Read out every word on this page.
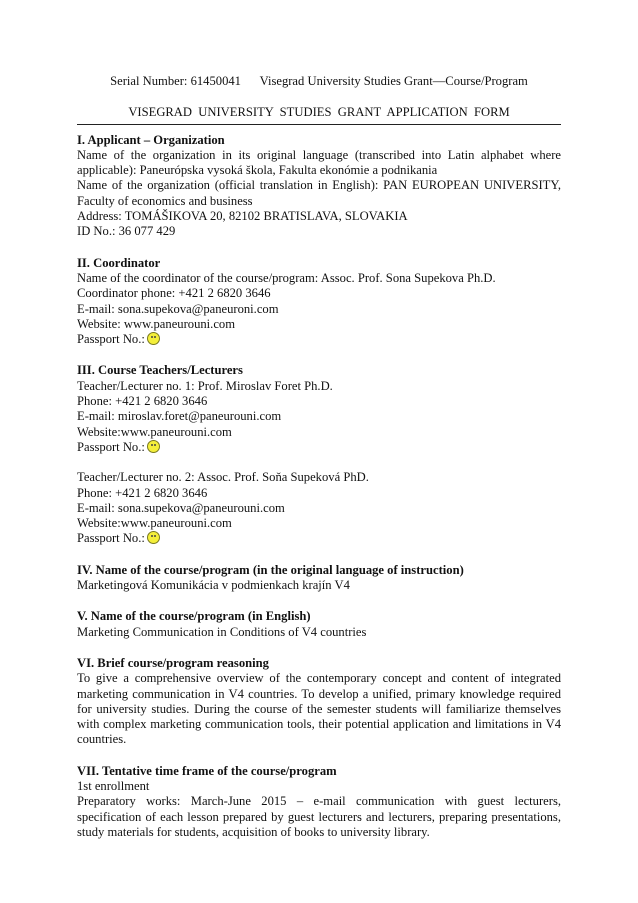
Serial Number: 61450041      Visegrad University Studies Grant—Course/Program
VISEGRAD  UNIVERSITY  STUDIES  GRANT  APPLICATION  FORM
I. Applicant – Organization
Name of the organization in its original language (transcribed into Latin alphabet where applicable): Paneurópska vysoká škola, Fakulta ekonómie a podnikania
Name of the organization (official translation in English): PAN EUROPEAN UNIVERSITY, Faculty of economics and business
Address: TOMÁŠIKOVA 20, 82102 BRATISLAVA, SLOVAKIA
ID No.: 36 077 429
II. Coordinator
Name of the coordinator of the course/program: Assoc. Prof. Sona Supekova Ph.D.
Coordinator phone: +421 2 6820 3646
E-mail: sona.supekova@paneuroni.com
Website: www.paneurouni.com
Passport No.:
III. Course Teachers/Lecturers
Teacher/Lecturer no. 1: Prof. Miroslav Foret Ph.D.
Phone: +421 2 6820 3646
E-mail: miroslav.foret@paneurouni.com
Website:www.paneurouni.com
Passport No.:
Teacher/Lecturer no. 2: Assoc. Prof. Soňa Supeková PhD.
Phone: +421 2 6820 3646
E-mail: sona.supekova@paneurouni.com
Website:www.paneurouni.com
Passport No.:
IV. Name of the course/program (in the original language of instruction)
Marketingová Komunikácia v podmienkach krajín V4
V. Name of the course/program (in English)
Marketing Communication in Conditions of V4 countries
VI. Brief course/program reasoning
To give a comprehensive overview of the contemporary concept and content of integrated marketing communication in V4 countries. To develop a unified, primary knowledge required for university studies. During the course of the semester students will familiarize themselves with complex marketing communication tools, their potential application and limitations in V4 countries.
VII. Tentative time frame of the course/program
1st enrollment
Preparatory works: March-June 2015 – e-mail communication with guest lecturers, specification of each lesson prepared by guest lecturers and lecturers, preparing presentations, study materials for students, acquisition of books to university library.
